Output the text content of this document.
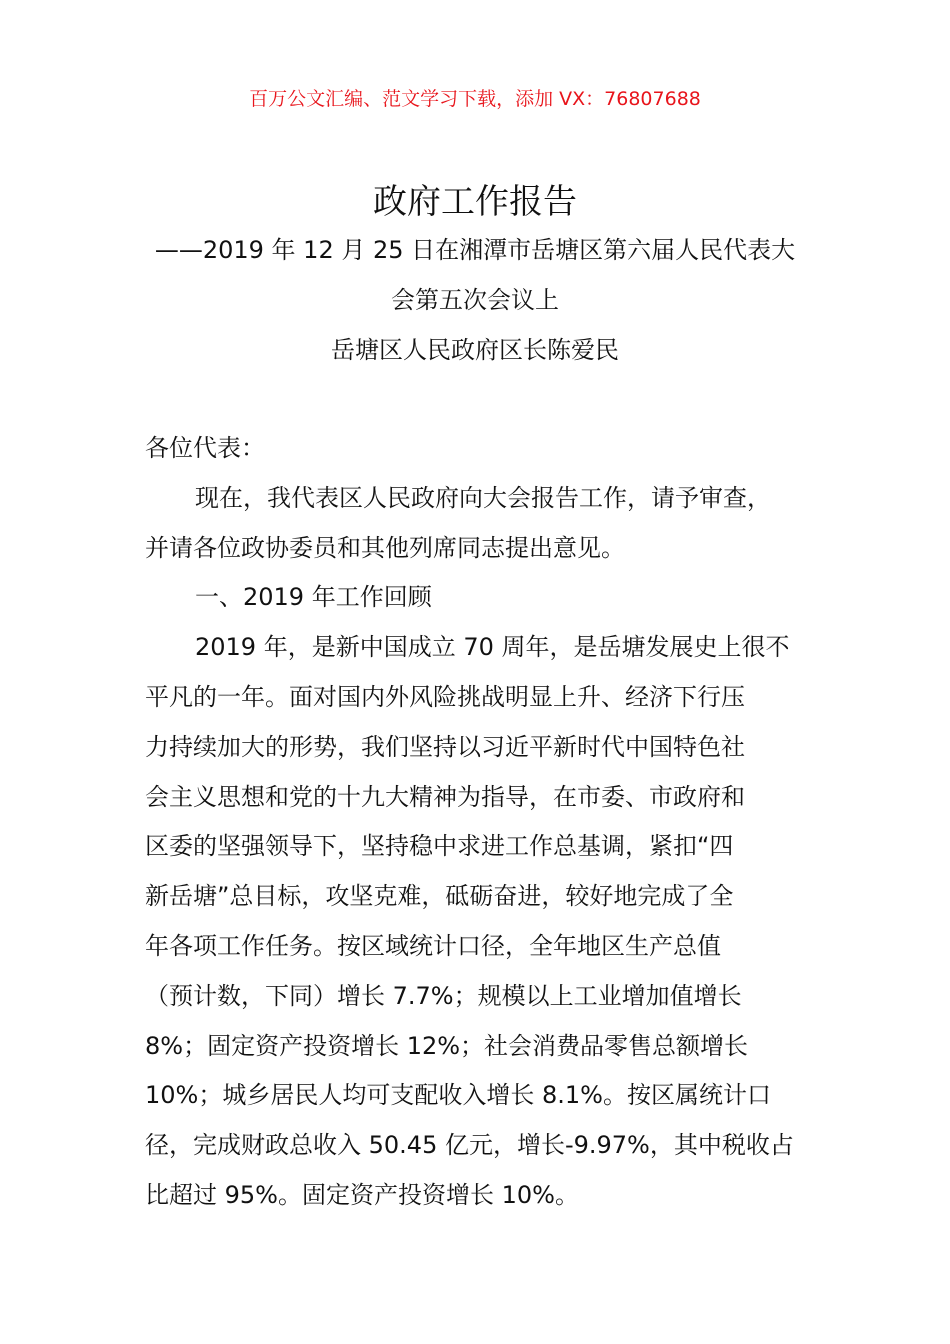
百万公文汇编、范文学习下载，添加 VX：76807688
政府工作报告
——2019 年 12 月 25 日在湘潭市岳塘区第六届人民代表大
会第五次会议上
岳塘区人民政府区长陈爱民
各位代表：
现在，我代表区人民政府向大会报告工作，请予审查，
并请各位政协委员和其他列席同志提出意见。
一、2019 年工作回顾
2019 年，是新中国成立 70 周年，是岳塘发展史上很不
平凡的一年。面对国内外风险挑战明显上升、经济下行压
力持续加大的形势，我们坚持以习近平新时代中国特色社
会主义思想和党的十九大精神为指导，在市委、市政府和
区委的坚强领导下，坚持稳中求进工作总基调，紧扣“四
新岳塘”总目标，攻坚克难，砥砺奋进，较好地完成了全
年各项工作任务。按区域统计口径，全年地区生产总值
（预计数，下同）增长 7.7%；规模以上工业增加值增长
8%；固定资产投资增长 12%；社会消费品零售总额增长
10%；城乡居民人均可支配收入增长 8.1%。按区属统计口
径，完成财政总收入 50.45 亿元，增长-9.97%，其中税收占
比超过 95%。固定资产投资增长 10%。
